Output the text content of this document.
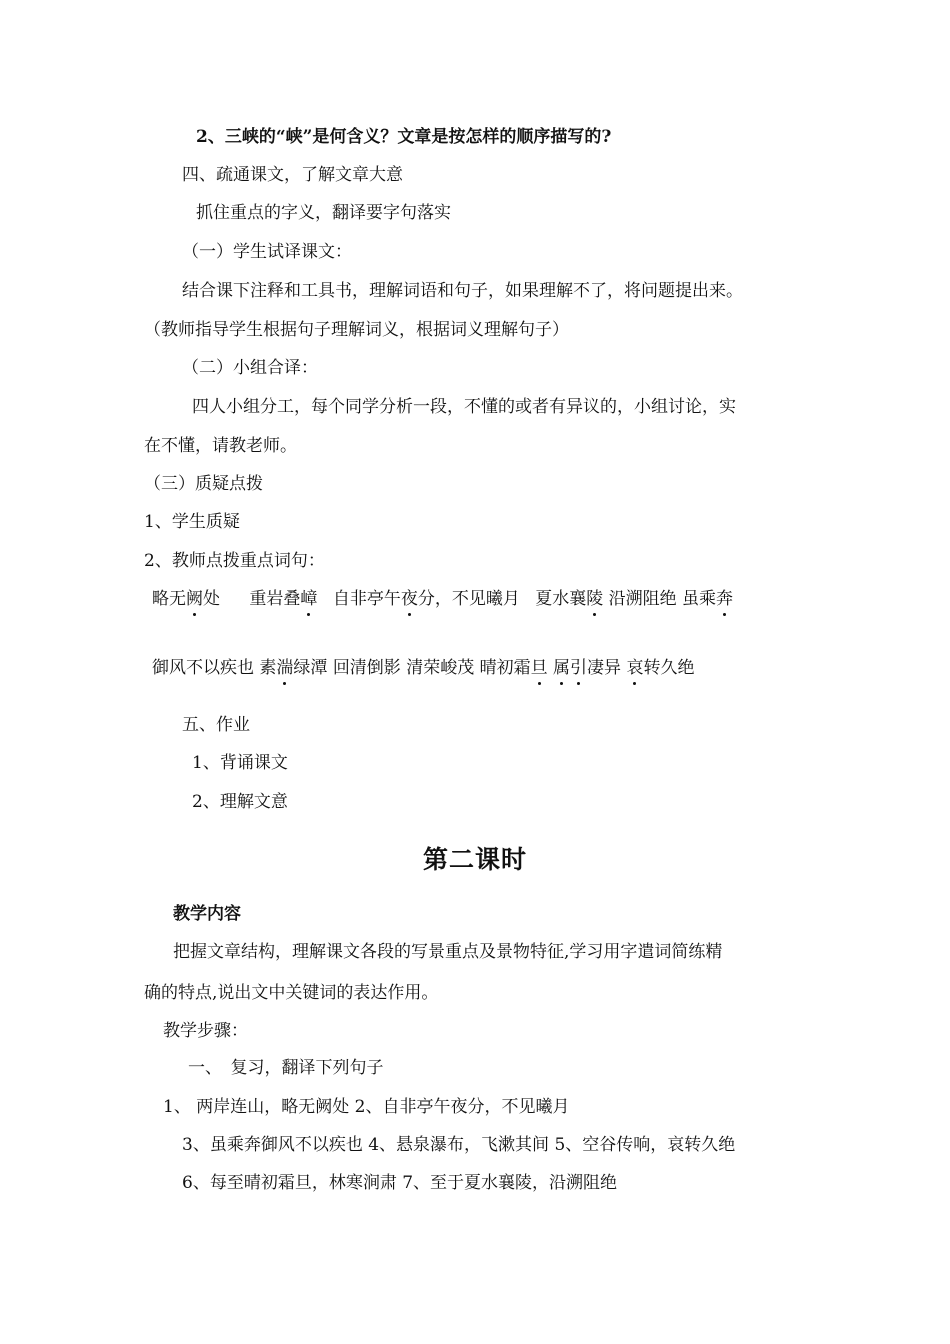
2、三峡的“峡”是何含义？文章是按怎样的顺序描写的?
四、疏通课文，了解文章大意
抓住重点的字义，翻译要字句落实
（一）学生试译课文：
结合课下注释和工具书，理解词语和句子，如果理解不了，将问题提出来。
（教师指导学生根据句子理解词义，根据词义理解句子）
（二）小组合译：
四人小组分工，每个同学分析一段，不懂的或者有异议的，小组讨论，实
在不懂，请教老师。
（三）质疑点拨
1、学生质疑
2、教师点拨重点词句：
略无阙处 重岩叠嶂 自非亭午夜分，不见曦月 夏水襄陵 沿溯阻绝 虽乘奔
御风不以疾也 素湍绿潭 回清倒影 清荣峻茂 晴初霜旦 属引凄异 哀转久绝
五、作业
1、背诵课文
2、理解文意
第二课时
教学内容
把握文章结构，理解课文各段的写景重点及景物特征,学习用字遣词简练精
确的特点,说出文中关键词的表达作用。
教学步骤：
一、　复习，翻译下列句子
1、 两岸连山，略无阙处 2、自非亭午夜分，不见曦月
3、虽乘奔御风不以疾也 4、悬泉瀑布，飞漱其间 5、空谷传响，哀转久绝
6、每至晴初霜旦，林寒涧肃 7、至于夏水襄陵，沿溯阻绝
